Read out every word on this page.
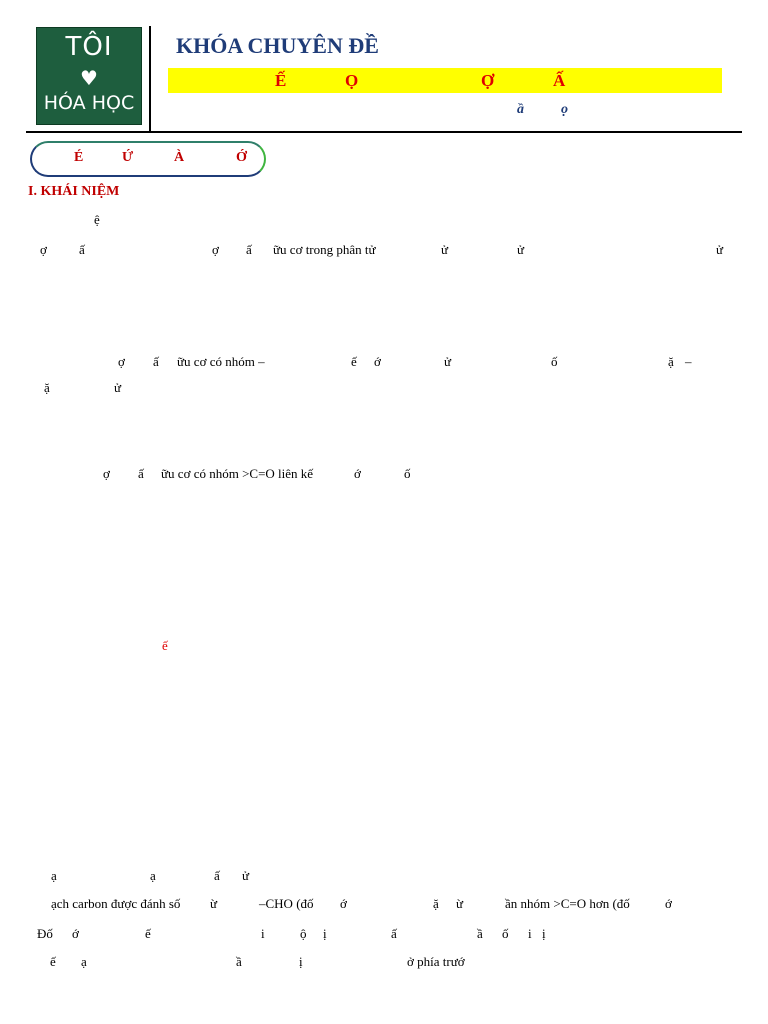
TÔI
♥
HÓA HỌC
KHÓA CHUYÊN ĐỀ
Ế	Ọ	Ợ	Ấ
ầ	ọ
É	Ứ	À	Ớ
I. KHÁI NIỆM
ệ
ợ ấ	ợ ấ ữu cơ trong phân tử	ử	ử	ử
ợ ấ ữu cơ có nhóm –	ế ớ	ử	ố	ặ –
ặ	ử
ợ ấ ữu cơ có nhóm >C=O liên kế	ớ	ố
ế
ạ	ạ	ấ ử
ạch carbon được đánh số ừ	–CHO (đố ớ	ặ ừ	ần nhóm >C=O hơn (đố	ớ
Đố ớ	ế	i	ộ ị	ấ	ầ ố i ị
ế ạ	ầ	ị	ở phía trướ
